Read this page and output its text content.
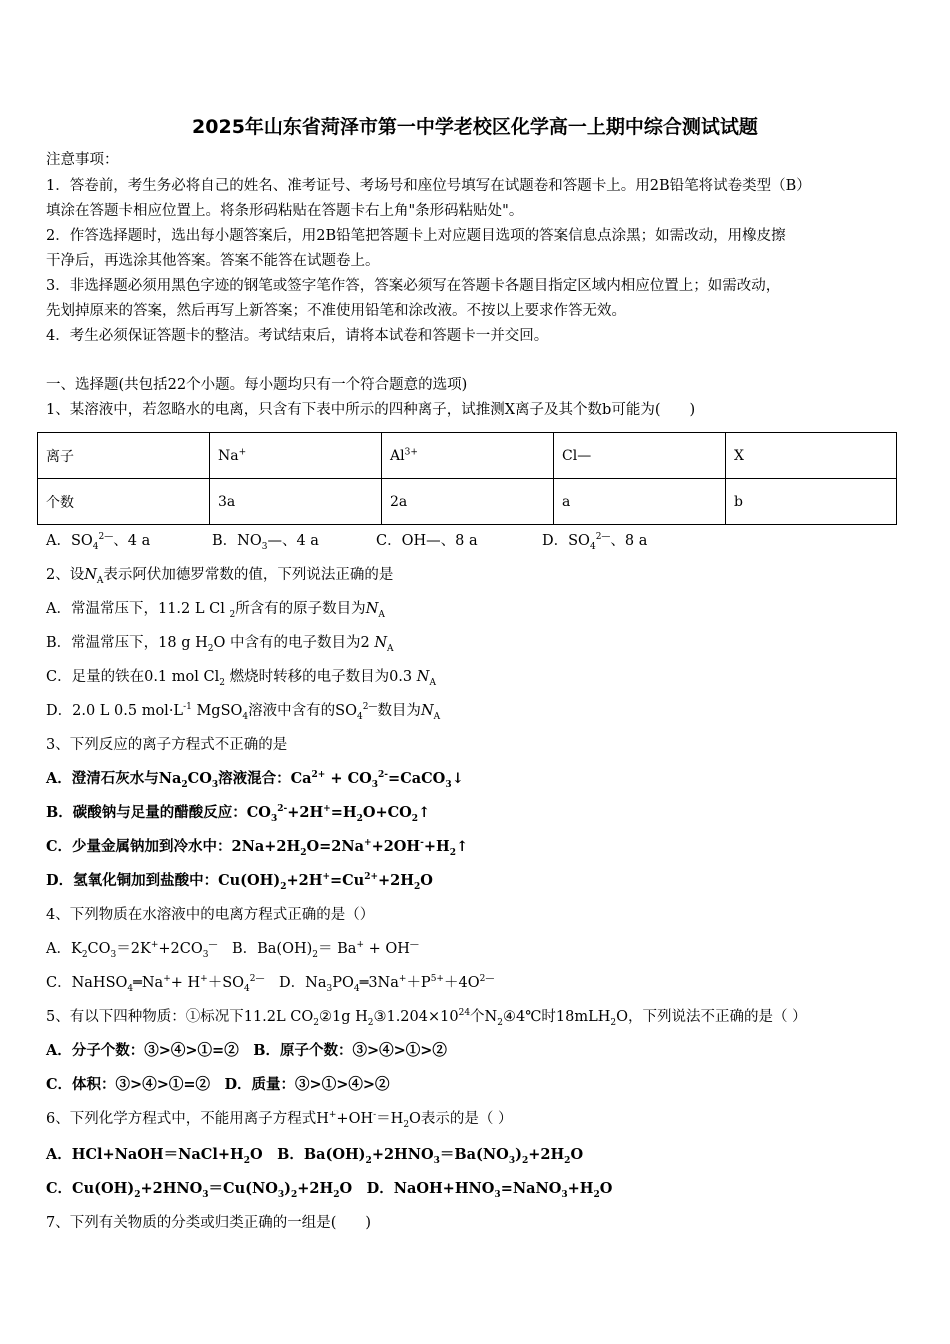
2025年山东省菏泽市第一中学老校区化学高一上期中综合测试试题
注意事项：
1．答卷前，考生务必将自己的姓名、准考证号、考场号和座位号填写在试题卷和答题卡上。用2B铅笔将试卷类型（B）
填涂在答题卡相应位置上。将条形码粘贴在答题卡右上角"条形码粘贴处"。
2．作答选择题时，选出每小题答案后，用2B铅笔把答题卡上对应题目选项的答案信息点涂黑；如需改动，用橡皮擦
干净后，再选涂其他答案。答案不能答在试题卷上。
3．非选择题必须用黑色字迹的钢笔或签字笔作答，答案必须写在答题卡各题目指定区域内相应位置上；如需改动，
先划掉原来的答案，然后再写上新答案；不准使用铅笔和涂改液。不按以上要求作答无效。
4．考生必须保证答题卡的整洁。考试结束后，请将本试卷和答题卡一并交回。
一、选择题(共包括22个小题。每小题均只有一个符合题意的选项)
1、某溶液中，若忽略水的电离，只含有下表中所示的四种离子，试推测X离子及其个数b可能为(　　)
离子	Na+	$Al^{3+}$	Cl—	X
个数	3a	2a	a	b
A．$SO_4^{2—}$、4 a	B．$NO_3—$、4 a	C．OH—、8 a	D．$SO_4^{2—}$、8 a
2、设$N_A$表示阿伏加德罗常数的值，下列说法正确的是
A．常温常压下，11.2 L Cl $_2$所含有的原子数目为$N_A$
B．常温常压下，18 g $H_2O$ 中含有的电子数目为2 $N_A$
C．足量的铁在0.1 mol $Cl_2$ 燃烧时转移的电子数目为0.3 $N_A$
D．2.0 L 0.5 $mol\cdot L^{-1}$ MgSO$_4$溶液中含有的$SO_4^{2—}$数目为$N_A$
3、下列反应的离子方程式不正确的是
A．澄清石灰水与$Na_2CO_3$溶液混合：$Ca^{2+}$ + $CO_3^{2-}=CaCO_3↓$
B．碳酸钠与足量的醋酸反应：$CO_3^{2-}+2H^+=H_2O+CO_2↑$
C．少量金属钠加到冷水中：$2Na+2H_2O=2Na^++2OH^-+H_2↑$
D．氢氧化铜加到盐酸中：$Cu(OH)_2+2H^+=Cu^{2+}+2H_2O$
4、下列物质在水溶液中的电离方程式正确的是（）
A．$K_2CO_3=2K^++2CO_3^—$　B．$Ba(OH)_2= Ba^+ + OH^—$
C．NaHSO$_4$═Na++ $H^++SO_4^{2—}$　D．$Na_3PO_4═3Na^++P^{5+}+4O^{2—}$
5、有以下四种物质：①标况下11.2L $CO_2②1g$ $H_2③1.204\times 10^{24}$个$N_2④4℃$时18mLH$_2$O，下列说法不正确的是（ ）
A．分子个数：③>④>①=②　B．原子个数：③>④>①>②
C．体积：③>④>①=②　D．质量：③>①>④>②
6、下列化学方程式中，不能用离子方程式$H^++OH^-=H_2O$表示的是（ ）
A．$HCl+NaOH=NaCl+H_2O$　B．$Ba(OH)_2+2HNO_3=Ba(NO_3)_2+2H_2O$
C．$Cu(OH)_2+2HNO_3=Cu(NO_3)_2+2H_2O$　D．$NaOH+HNO_3=NaNO_3+H_2O$
7、下列有关物质的分类或归类正确的一组是(　　)
